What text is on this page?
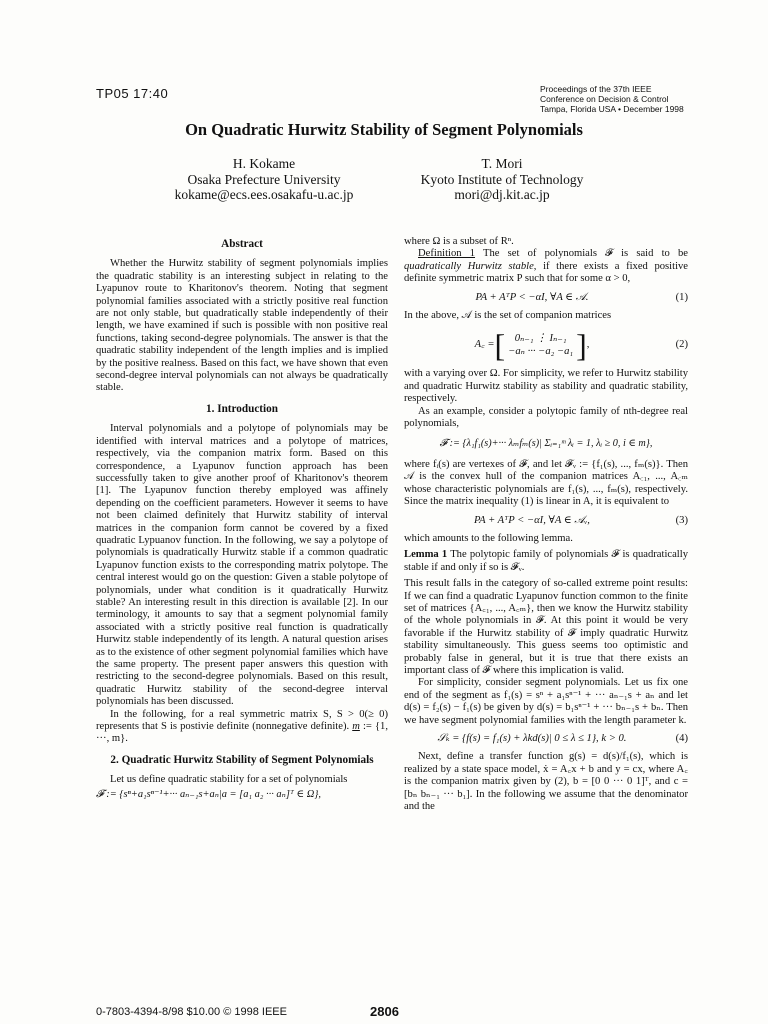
TP05 17:40	Proceedings of the 37th IEEE
Conference on Decision & Control
Tampa, Florida USA • December 1998
On Quadratic Hurwitz Stability of Segment Polynomials
H. Kokame
Osaka Prefecture University
kokame@ecs.ees.osakafu-u.ac.jp
T. Mori
Kyoto Institute of Technology
mori@dj.kit.ac.jp
Abstract

Whether the Hurwitz stability of segment polynomials implies the quadratic stability is an interesting subject in relating to the Lyapunov route to Kharitonov's theorem. Noting that segment polynomial families associated with a strictly positive real function are not only stable, but quadratically stable independently of their length, we have examined if such is possible with non positive real functions, taking second-degree polynomials. The answer is that the quadratic stability independent of the length implies and is implied by the positive realness. Based on this fact, we have shown that even second-degree interval polynomials can not always be quadratically stable.

1. Introduction

Interval polynomials and a polytope of polynomials may be identified with interval matrices and a polytope of matrices, respectively, via the companion matrix form. Based on this correspondence, a Lyapunov function approach has been successfully taken to give another proof of Kharitonov's theorem [1]. The Lyapunov function thereby employed was affinely depending on the coefficient parameters. However it seems to have not been claimed definitely that Hurwitz stability of interval matrices in the companion form cannot be covered by a fixed quadratic Lypuanov function. In the following, we say a polytope of polynomials is quadratically Hurwitz stable if a common quadratic Lyapunov function exists to the corresponding matrix polytope. The central interest would go on the question: Given a stable polytope of polynomials, under what condition is it quadratically Hurwitz stable? An interesting result in this direction is available [2]. In our terminology, it amounts to say that a segment polynomial family associated with a strictly positive real function is quadratically Hurwitz stable independently of its length. A natural question arises as to the existence of other segment polynomial families which have the same property. The present paper answers this question with restricting to the second-degree polynomials. Based on this result, quadratic Hurwitz stability of the second-degree interval polynomials has been discussed.

In the following, for a real symmetric matrix S, S > 0(≥ 0) represents that S is postivie definite (nonnegative definite). m := {1, ···, m}.

2. Quadratic Hurwitz Stability of Segment Polynomials

Let us define quadratic stability for a set of polynomials

𝓕 := {sⁿ+a₁sⁿ⁻¹+··· aₙ₋₁s+aₙ|a = [a₁ a₂ ··· aₙ]ᵀ ∈ Ω},

where Ω is a subset of Rⁿ.

Definition 1 The set of polynomials 𝓕 is said to be quadratically Hurwitz stable, if there exists a fixed positive definite symmetric matrix P such that for some α > 0,

PA + AᵀP < −αI, ∀A ∈ 𝒜.	(1)

In the above, 𝒜 is the set of companion matrices

A꜀ = [ 0ₙ₋₁ ⋮ Iₙ₋₁
−aₙ ··· −a₂ −a₁ ] ,	(2)

with a varying over Ω. For simplicity, we refer to Hurwitz stability and quadratic Hurwitz stability as stability and quadratic stability, respectively.

As an example, consider a polytopic family of nth-degree real polynomials,

𝓕 := {λ₁f₁(s)+··· λₘfₘ(s)| Σᵢ₌₁ᵐ λᵢ = 1, λᵢ ≥ 0, i ∈ m},

where fᵢ(s) are vertexes of 𝓕, and let 𝓕ᵥ := {f₁(s), ..., fₘ(s)}. Then 𝒜 is the convex hull of the companion matrices A꜀₁, ..., A꜀ₘ whose characteristic polynomials are f₁(s), ..., fₘ(s), respectively. Since the matrix inequality (1) is linear in A, it is equivalent to

PA + AᵀP < −αI, ∀A ∈ 𝒜ᵥ,	(3)

which amounts to the following lemma.

Lemma 1 The polytopic family of polynomials 𝓕 is quadratically stable if and only if so is 𝓕ᵥ.

This result falls in the category of so-called extreme point results: If we can find a quadratic Lyapunov function common to the finite set of matrices {A꜀₁, ..., A꜀ₘ}, then we know the Hurwitz stability of the whole polynomials in 𝓕. At this point it would be very favorable if the Hurwitz stability of 𝓕 imply quadratic Hurwitz stability simultaneously. This guess seems too optimistic and probably false in general, but it is true that there exists an important class of 𝓕 where this implication is valid.

For simplicity, consider segment polynomials. Let us fix one end of the segment as f₁(s) = sⁿ + a₁sⁿ⁻¹ + ··· aₙ₋₁s + aₙ and let d(s) = f₂(s) − f₁(s) be given by d(s) = b₁sⁿ⁻¹ + ··· bₙ₋₁s + bₙ. Then we have segment polynomial families with the length parameter k.

𝒮ₖ = {f(s) = f₁(s) + λkd(s)| 0 ≤ λ ≤ 1}, k > 0.	(4)

Next, define a transfer function g(s) = d(s)/f₁(s), which is realized by a state space model, ẋ = A꜀x + b and y = cx, where A꜀ is the companion matrix given by (2), b = [0 0 ··· 0 1]ᵀ, and c = [bₙ bₙ₋₁ ··· b₁]. In the following we assume that the denominator and the

0-7803-4394-8/98 $10.00 © 1998 IEEE	2806
